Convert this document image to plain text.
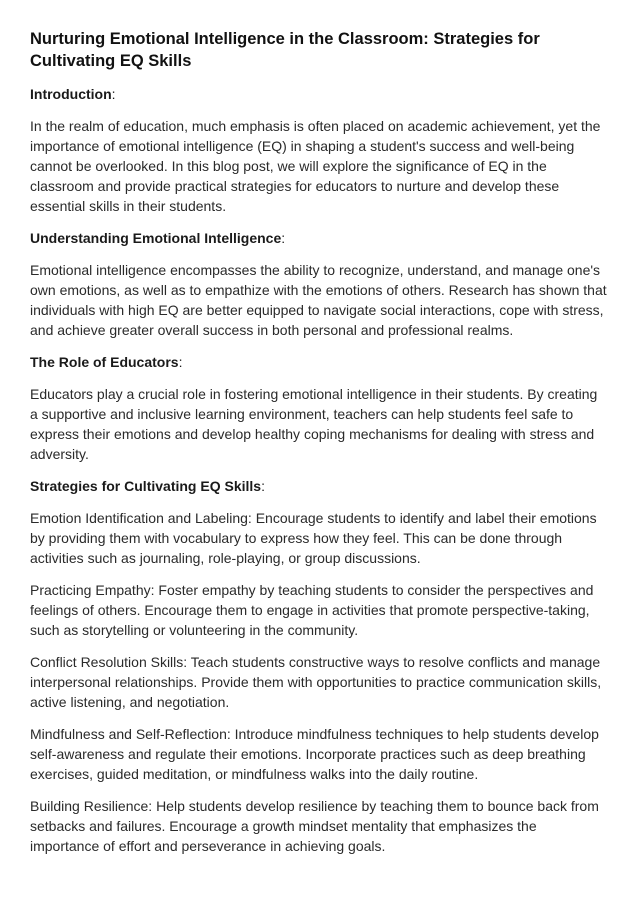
Nurturing Emotional Intelligence in the Classroom: Strategies for Cultivating EQ Skills

Introduction:

In the realm of education, much emphasis is often placed on academic achievement, yet the importance of emotional intelligence (EQ) in shaping a student's success and well-being cannot be overlooked. In this blog post, we will explore the significance of EQ in the classroom and provide practical strategies for educators to nurture and develop these essential skills in their students.

Understanding Emotional Intelligence:

Emotional intelligence encompasses the ability to recognize, understand, and manage one's own emotions, as well as to empathize with the emotions of others. Research has shown that individuals with high EQ are better equipped to navigate social interactions, cope with stress, and achieve greater overall success in both personal and professional realms.

The Role of Educators:

Educators play a crucial role in fostering emotional intelligence in their students. By creating a supportive and inclusive learning environment, teachers can help students feel safe to express their emotions and develop healthy coping mechanisms for dealing with stress and adversity.

Strategies for Cultivating EQ Skills:

Emotion Identification and Labeling: Encourage students to identify and label their emotions by providing them with vocabulary to express how they feel. This can be done through activities such as journaling, role-playing, or group discussions.

Practicing Empathy: Foster empathy by teaching students to consider the perspectives and feelings of others. Encourage them to engage in activities that promote perspective-taking, such as storytelling or volunteering in the community.

Conflict Resolution Skills: Teach students constructive ways to resolve conflicts and manage interpersonal relationships. Provide them with opportunities to practice communication skills, active listening, and negotiation.

Mindfulness and Self-Reflection: Introduce mindfulness techniques to help students develop self-awareness and regulate their emotions. Incorporate practices such as deep breathing exercises, guided meditation, or mindfulness walks into the daily routine.

Building Resilience: Help students develop resilience by teaching them to bounce back from setbacks and failures. Encourage a growth mindset mentality that emphasizes the importance of effort and perseverance in achieving goals.
